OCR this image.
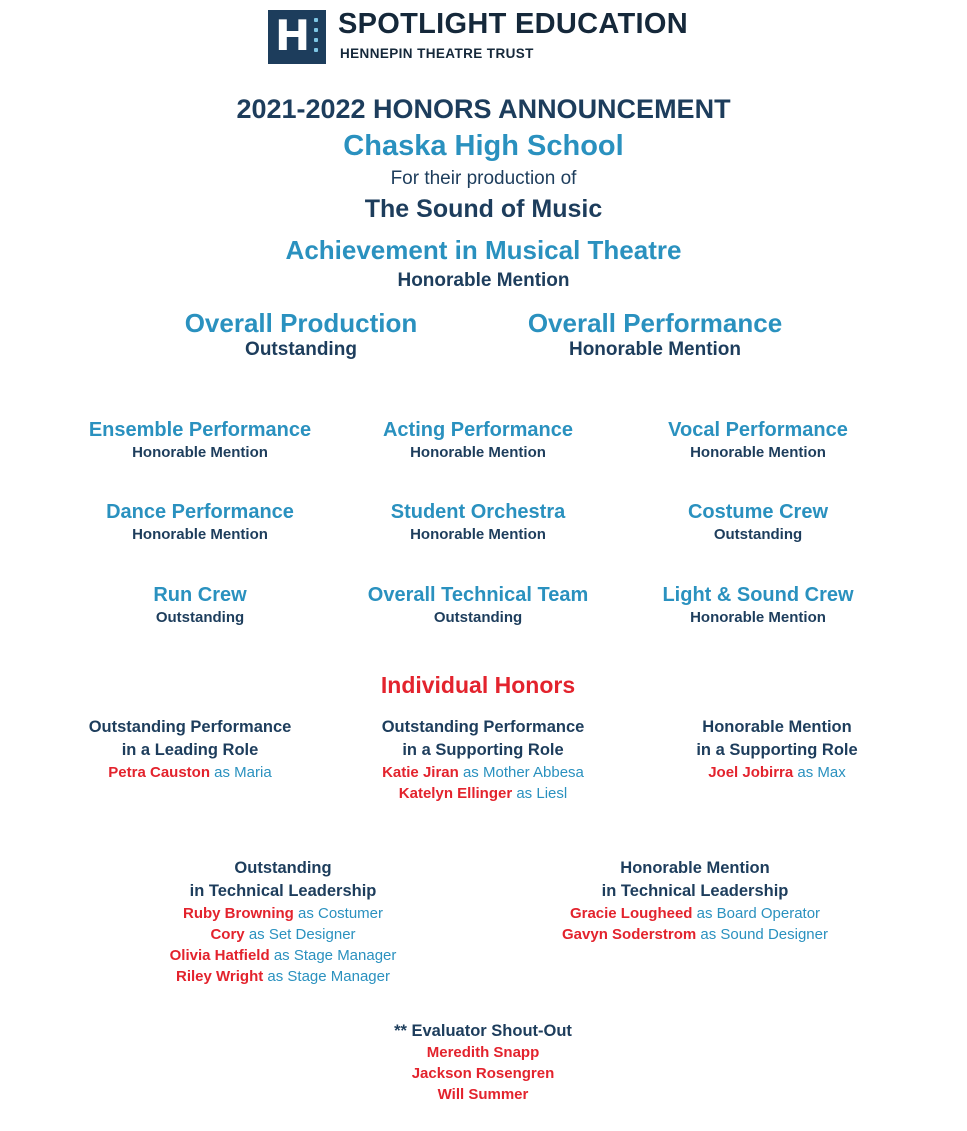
H SPOTLIGHT EDUCATION
HENNEPIN THEATRE TRUST
2021-2022 HONORS ANNOUNCEMENT
Chaska High School
For their production of
The Sound of Music
Achievement in Musical Theatre
Honorable Mention
Overall Production
Outstanding
Overall Performance
Honorable Mention
Ensemble Performance
Honorable Mention
Acting Performance
Honorable Mention
Vocal Performance
Honorable Mention
Dance Performance
Honorable Mention
Student Orchestra
Honorable Mention
Costume Crew
Outstanding
Run Crew
Outstanding
Overall Technical Team
Outstanding
Light & Sound Crew
Honorable Mention
Individual Honors
Outstanding Performance
in a Leading Role
Petra Causton as Maria
Outstanding Performance
in a Supporting Role
Katie Jiran as Mother Abbesa
Katelyn Ellinger as Liesl
Honorable Mention
in a Supporting Role
Joel Jobirra as Max
Outstanding
in Technical Leadership
Ruby Browning as Costumer
Cory as Set Designer
Olivia Hatfield as Stage Manager
Riley Wright as Stage Manager
Honorable Mention
in Technical Leadership
Gracie Lougheed as Board Operator
Gavyn Soderstrom as Sound Designer
** Evaluator Shout-Out
Meredith Snapp
Jackson Rosengren
Will Summer
